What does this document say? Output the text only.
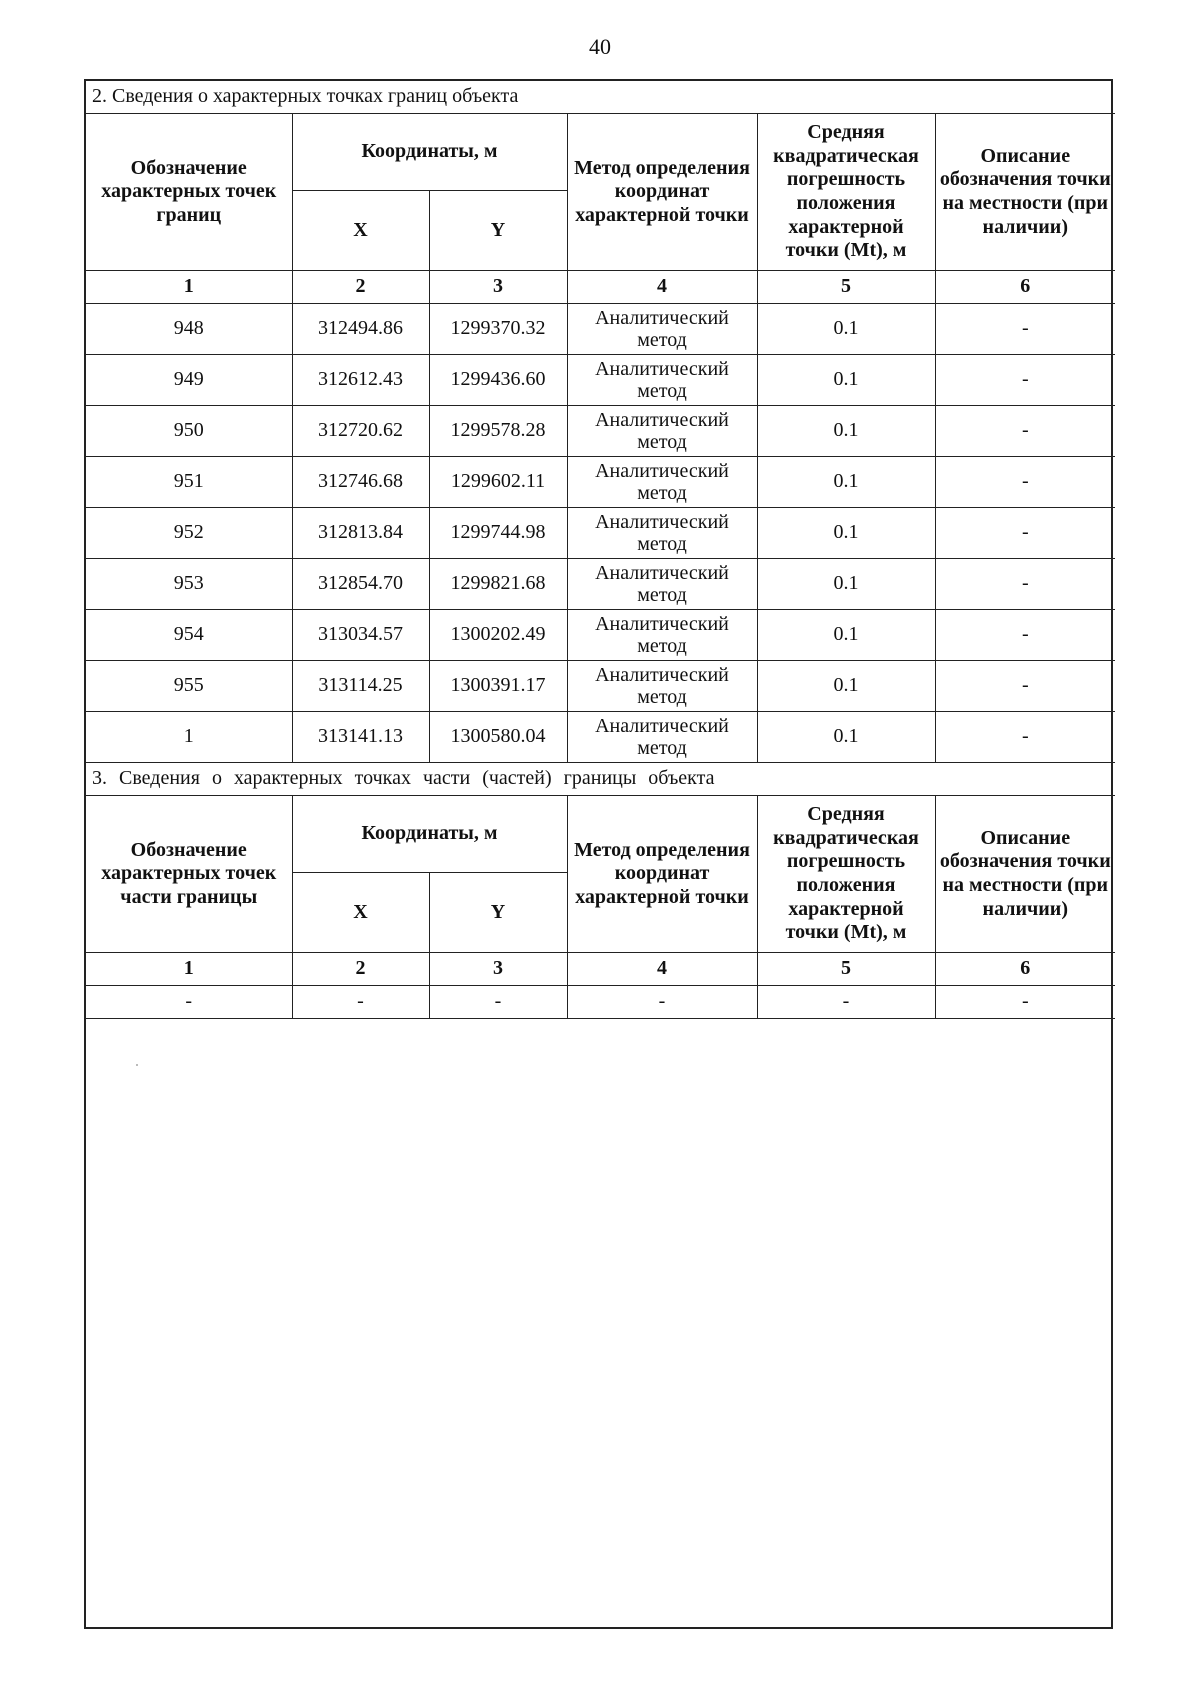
40
2. Сведения о характерных точках границ объекта					
Обозначение характерных точек границ	Координаты, м		Метод определения координат характерной точки	Средняя квадратическая погрешность положения характерной точки (Mt), м	Описание обозначения точки на местности (при наличии)
	X	Y			
1	2	3	4	5	6
948	312494.86	1299370.32	Аналитический метод	0.1	-
949	312612.43	1299436.60	Аналитический метод	0.1	-
950	312720.62	1299578.28	Аналитический метод	0.1	-
951	312746.68	1299602.11	Аналитический метод	0.1	-
952	312813.84	1299744.98	Аналитический метод	0.1	-
953	312854.70	1299821.68	Аналитический метод	0.1	-
954	313034.57	1300202.49	Аналитический метод	0.1	-
955	313114.25	1300391.17	Аналитический метод	0.1	-
1	313141.13	1300580.04	Аналитический метод	0.1	-
3. Сведения о характерных точках части (частей) границы объекта					
Обозначение характерных точек части границы	Координаты, м		Метод определения координат характерной точки	Средняя квадратическая погрешность положения характерной точки (Mt), м	Описание обозначения точки на местности (при наличии)
	X	Y			
1	2	3	4	5	6
-	-	-	-	-	-
